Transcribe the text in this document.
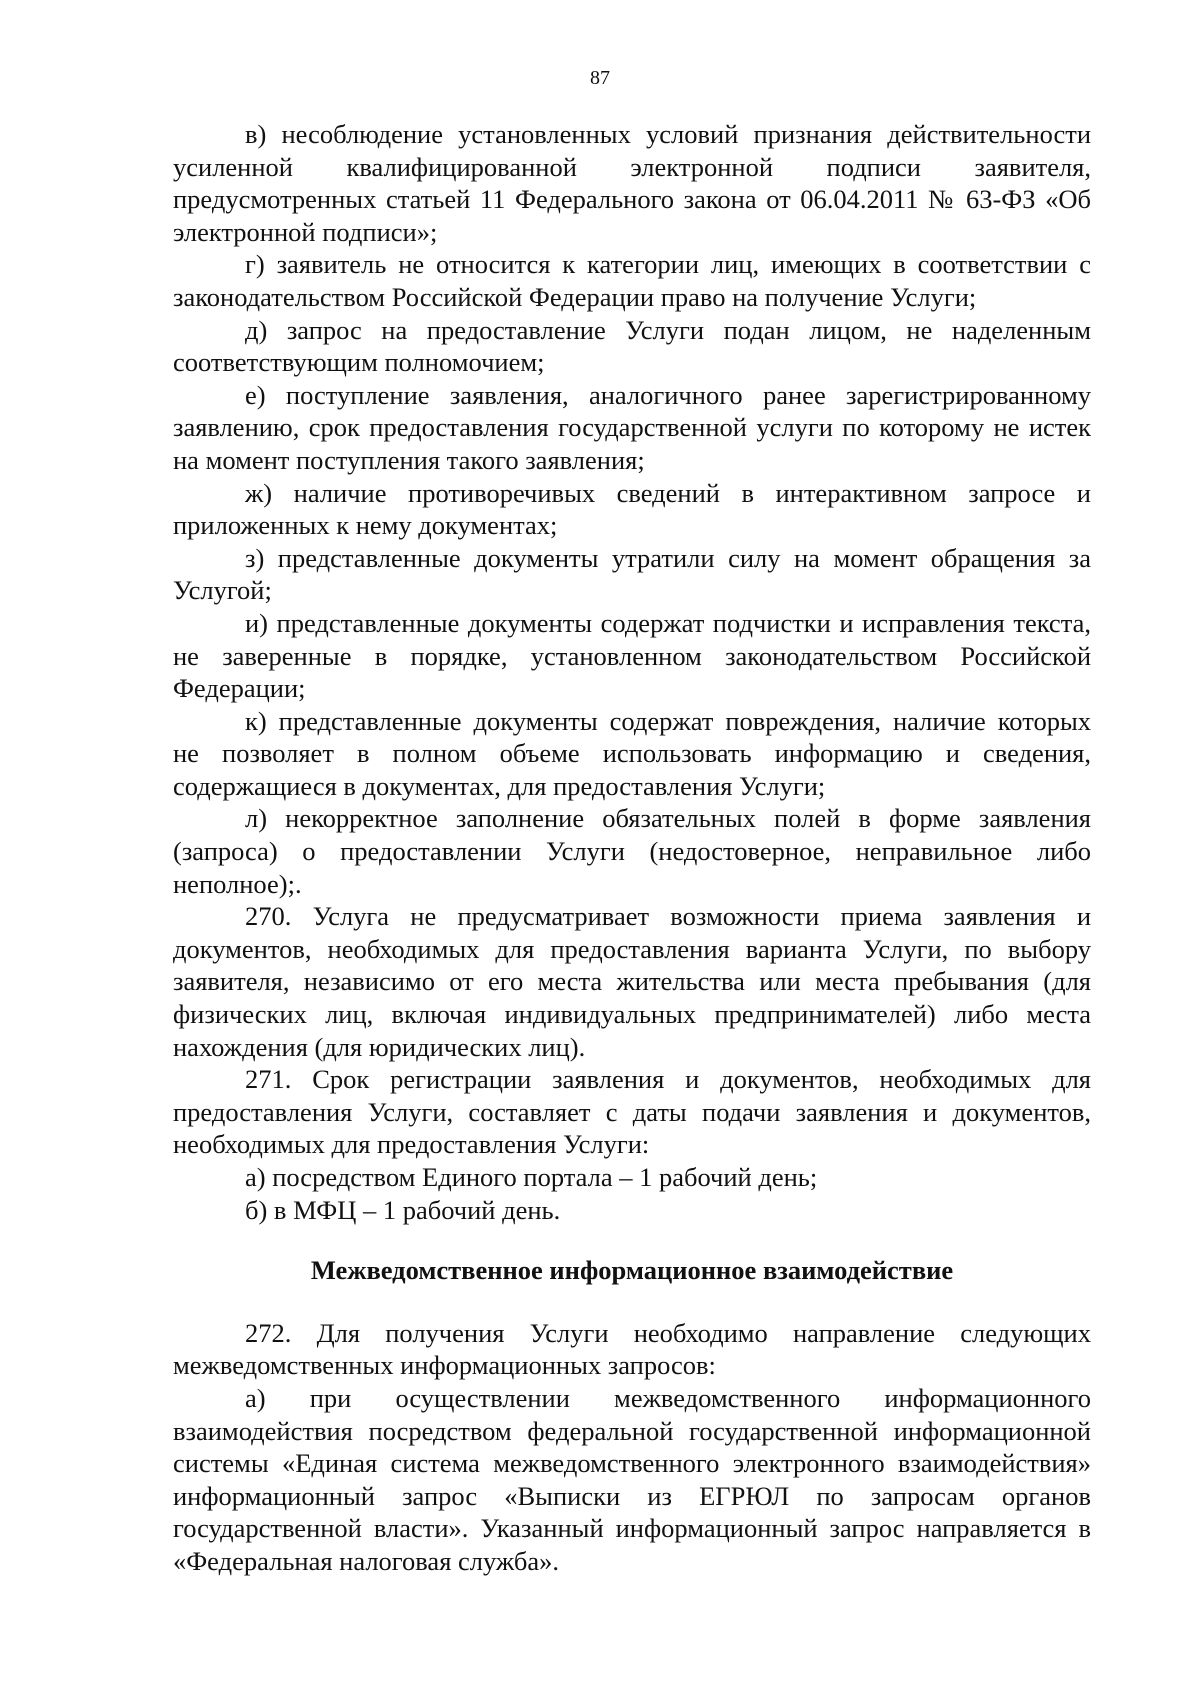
87

в) несоблюдение установленных условий признания действительности усиленной квалифицированной электронной подписи заявителя, предусмотренных статьей 11 Федерального закона от 06.04.2011 № 63-ФЗ «Об электронной подписи»;

г) заявитель не относится к категории лиц, имеющих в соответствии с законодательством Российской Федерации право на получение Услуги;

д) запрос на предоставление Услуги подан лицом, не наделенным соответствующим полномочием;

е) поступление заявления, аналогичного ранее зарегистрированному заявлению, срок предоставления государственной услуги по которому не истек на момент поступления такого заявления;

ж) наличие противоречивых сведений в интерактивном запросе и приложенных к нему документах;

з) представленные документы утратили силу на момент обращения за Услугой;

и) представленные документы содержат подчистки и исправления текста, не заверенные в порядке, установленном законодательством Российской Федерации;

к) представленные документы содержат повреждения, наличие которых не позволяет в полном объеме использовать информацию и сведения, содержащиеся в документах, для предоставления Услуги;

л) некорректное заполнение обязательных полей в форме заявления (запроса) о предоставлении Услуги (недостоверное, неправильное либо неполное);.

270. Услуга не предусматривает возможности приема заявления и документов, необходимых для предоставления варианта Услуги, по выбору заявителя, независимо от его места жительства или места пребывания (для физических лиц, включая индивидуальных предпринимателей) либо места нахождения (для юридических лиц).

271. Срок регистрации заявления и документов, необходимых для предоставления Услуги, составляет с даты подачи заявления и документов, необходимых для предоставления Услуги:

а) посредством Единого портала – 1 рабочий день;

б) в МФЦ – 1 рабочий день.

Межведомственное информационное взаимодействие

272. Для получения Услуги необходимо направление следующих межведомственных информационных запросов:

а) при осуществлении межведомственного информационного взаимодействия посредством федеральной государственной информационной системы «Единая система межведомственного электронного взаимодействия» информационный запрос «Выписки из ЕГРЮЛ по запросам органов государственной власти». Указанный информационный запрос направляется в «Федеральная налоговая служба».
